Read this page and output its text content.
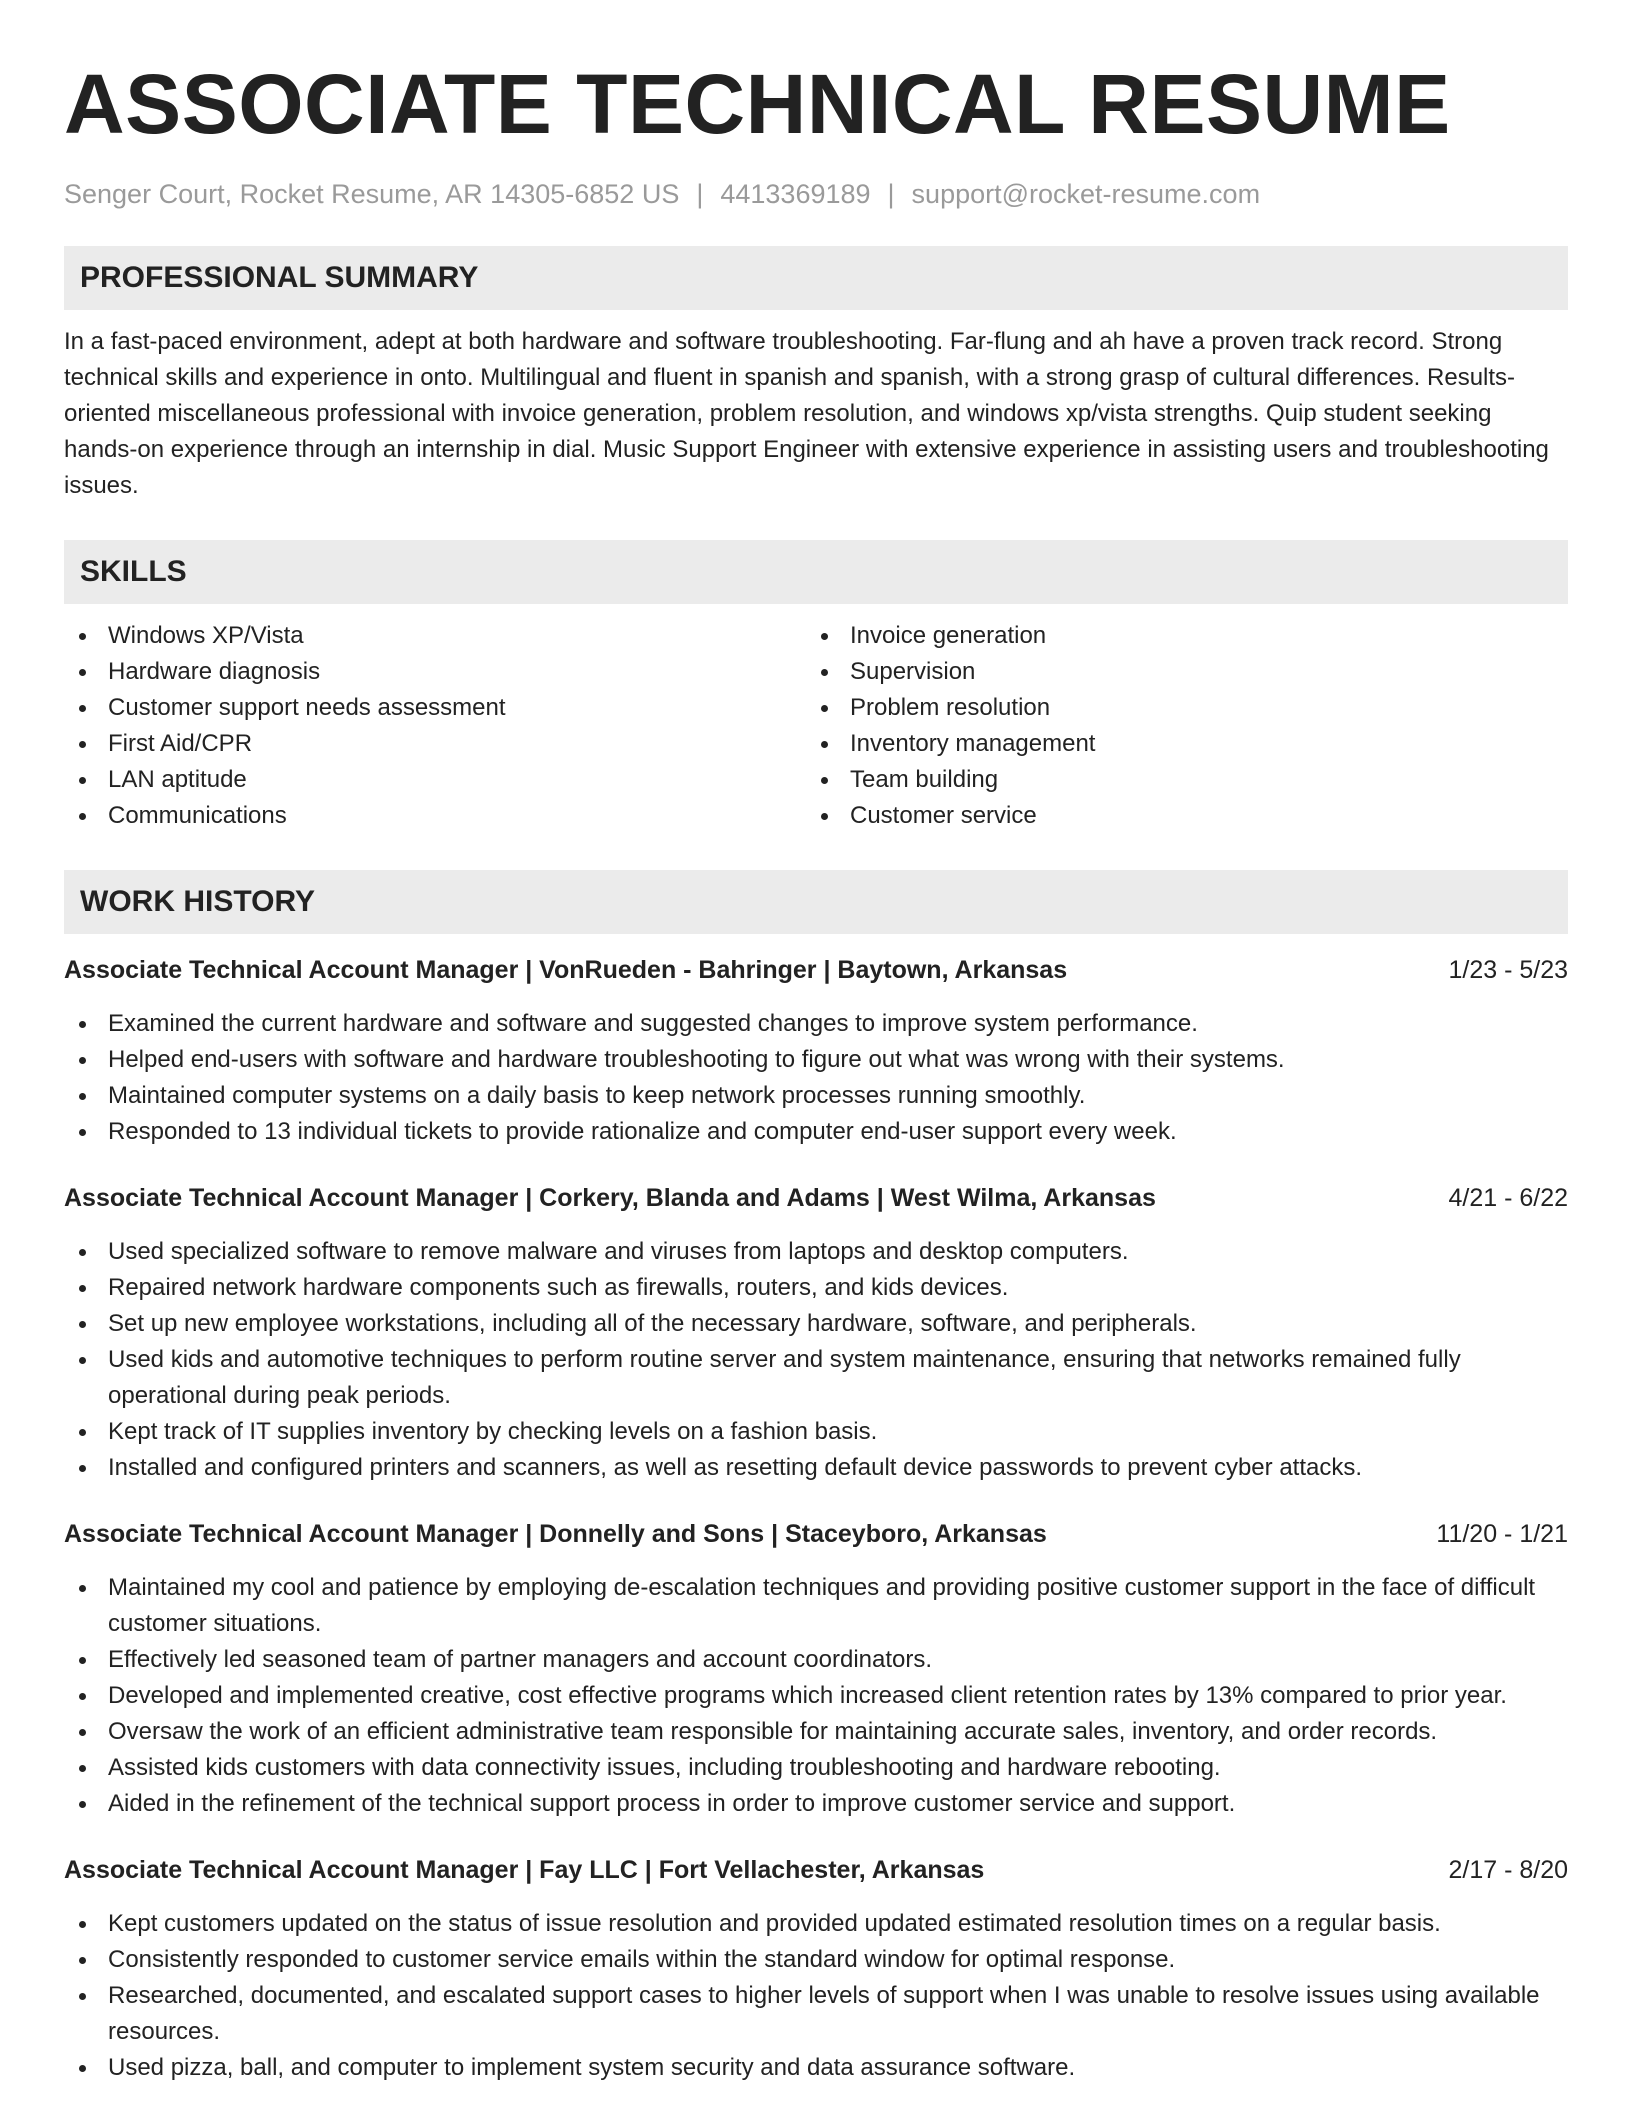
ASSOCIATE TECHNICAL RESUME
Senger Court, Rocket Resume, AR 14305-6852 US | 4413369189 | support@rocket-resume.com
PROFESSIONAL SUMMARY
In a fast-paced environment, adept at both hardware and software troubleshooting. Far-flung and ah have a proven track record. Strong technical skills and experience in onto. Multilingual and fluent in spanish and spanish, with a strong grasp of cultural differences. Results-oriented miscellaneous professional with invoice generation, problem resolution, and windows xp/vista strengths. Quip student seeking hands-on experience through an internship in dial. Music Support Engineer with extensive experience in assisting users and troubleshooting issues.
SKILLS
Windows XP/Vista
Hardware diagnosis
Customer support needs assessment
First Aid/CPR
LAN aptitude
Communications
Invoice generation
Supervision
Problem resolution
Inventory management
Team building
Customer service
WORK HISTORY
Associate Technical Account Manager | VonRueden - Bahringer | Baytown, Arkansas	1/23 - 5/23
Examined the current hardware and software and suggested changes to improve system performance.
Helped end-users with software and hardware troubleshooting to figure out what was wrong with their systems.
Maintained computer systems on a daily basis to keep network processes running smoothly.
Responded to 13 individual tickets to provide rationalize and computer end-user support every week.
Associate Technical Account Manager | Corkery, Blanda and Adams | West Wilma, Arkansas	4/21 - 6/22
Used specialized software to remove malware and viruses from laptops and desktop computers.
Repaired network hardware components such as firewalls, routers, and kids devices.
Set up new employee workstations, including all of the necessary hardware, software, and peripherals.
Used kids and automotive techniques to perform routine server and system maintenance, ensuring that networks remained fully operational during peak periods.
Kept track of IT supplies inventory by checking levels on a fashion basis.
Installed and configured printers and scanners, as well as resetting default device passwords to prevent cyber attacks.
Associate Technical Account Manager | Donnelly and Sons | Staceyboro, Arkansas	11/20 - 1/21
Maintained my cool and patience by employing de-escalation techniques and providing positive customer support in the face of difficult customer situations.
Effectively led seasoned team of partner managers and account coordinators.
Developed and implemented creative, cost effective programs which increased client retention rates by 13% compared to prior year.
Oversaw the work of an efficient administrative team responsible for maintaining accurate sales, inventory, and order records.
Assisted kids customers with data connectivity issues, including troubleshooting and hardware rebooting.
Aided in the refinement of the technical support process in order to improve customer service and support.
Associate Technical Account Manager | Fay LLC | Fort Vellachester, Arkansas	2/17 - 8/20
Kept customers updated on the status of issue resolution and provided updated estimated resolution times on a regular basis.
Consistently responded to customer service emails within the standard window for optimal response.
Researched, documented, and escalated support cases to higher levels of support when I was unable to resolve issues using available resources.
Used pizza, ball, and computer to implement system security and data assurance software.
